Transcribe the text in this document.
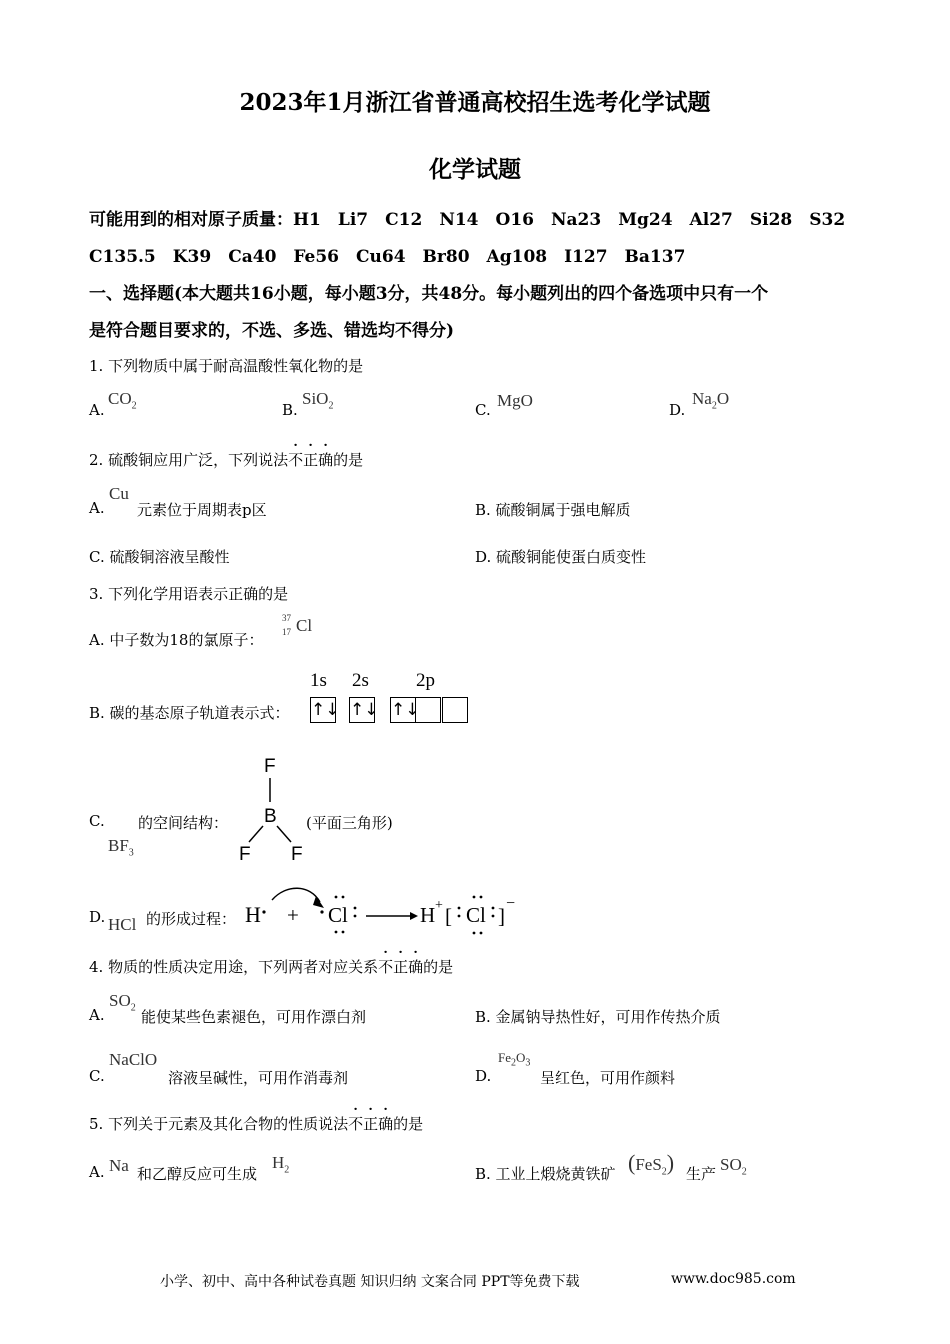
2023年1月浙江省普通高校招生选考化学试题
化学试题
可能用到的相对原子质量：H1　Li7　C12　N14　O16　Na23　Mg24　Al27　Si28　S32
C135.5　K39　Ca40　Fe56　Cu64　Br80　Ag108　I127　Ba137
一、选择题(本大题共16小题，每小题3分，共48分。每小题列出的四个备选项中只有一个
是符合题目要求的，不选、多选、错选均不得分)
1. 下列物质中属于耐高温酸性氧化物的是
A.
$CO_2$	B.
SiO$_2$	C. MgO	D.
$Na_2O$
2. 硫酸铜应用广泛，下列说法不正确的是
A.
Cu
元素位于周期表p区	B. 硫酸铜属于强电解质
C. 硫酸铜溶液呈酸性	D. 硫酸铜能使蛋白质变性
3. 下列化学用语表示正确的是
A. 中子数为18的氯原子：
37
17 Cl
B. 碳的基态原子轨道表示式：
1s 2s 2p
↑↓ ↑↓ ↑↓
C. 的空间结构：
$BF_3$
F
B
F F
(平面三角形)
D. HCl 的形成过程： H + Cl	H + [ Cl ]
−
4. 物质的性质决定用途，下列两者对应关系不正确的是
A.
$SO_2$
能使某些色素褪色，可用作漂白剂	B. 金属钠导热性好，可用作传热介质
C.
NaClO
溶液呈碱性，可用作消毒剂	D.
$Fe_2O_3$
呈红色，可用作颜料
5. 下列关于元素及其化合物的性质说法不正确的是
A. Na 和乙醇反应可生成
$H_2$	B. 工业上煅烧黄铁矿 (FeS$_2$) 生产 $SO_2$
小学、初中、高中各种试卷真题 知识归纳 文案合同 PPT等免费下载	www.doc985.com
